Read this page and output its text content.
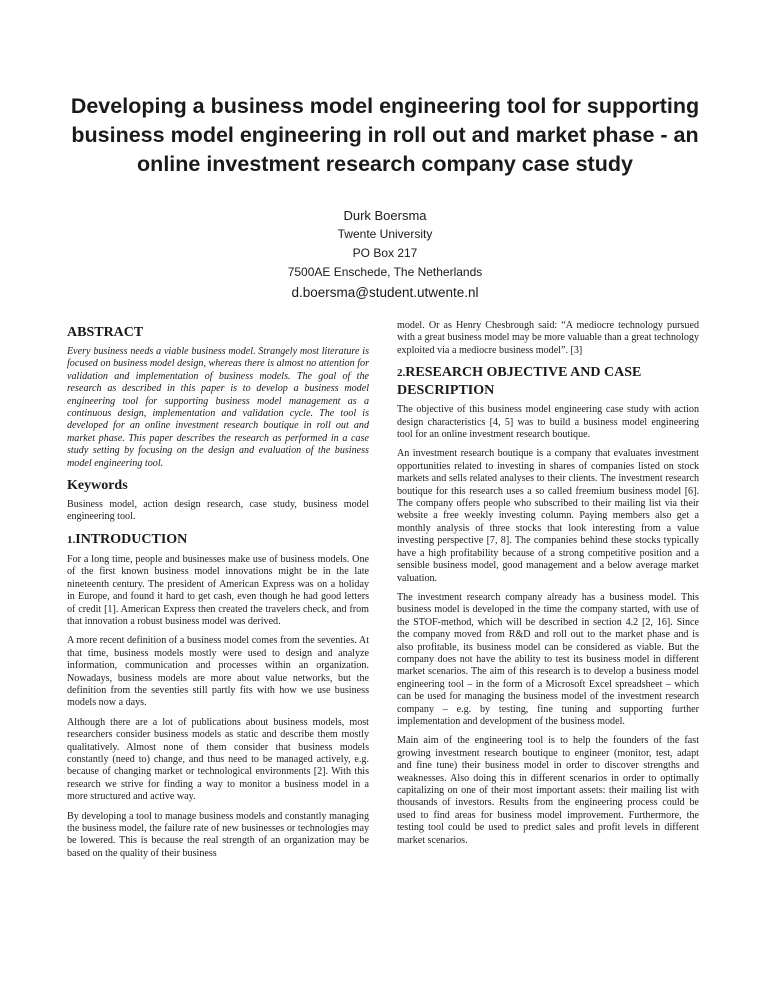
Developing a business model engineering tool for supporting business model engineering in roll out and market phase - an online investment research company case study
Durk Boersma
Twente University
PO Box 217
7500AE Enschede, The Netherlands
d.boersma@student.utwente.nl
ABSTRACT

Every business needs a viable business model. Strangely most literature is focused on business model design, whereas there is almost no attention for validation and implementation of business models. The goal of the research as described in this paper is to develop a business model engineering tool for supporting business model management as a continuous design, implementation and validation cycle. The tool is developed for an online investment research boutique in roll out and market phase. This paper describes the research as performed in a case study setting by focusing on the design and evaluation of the business model engineering tool.

Keywords

Business model, action design research, case study, business model engineering tool.

1.INTRODUCTION

For a long time, people and businesses make use of business models. One of the first known business model innovations might be in the late nineteenth century. The president of American Express was on a holiday in Europe, and found it hard to get cash, even though he had good letters of credit [1]. American Express then created the travelers check, and from that innovation a robust business model was derived.

A more recent definition of a business model comes from the seventies. At that time, business models mostly were used to design and analyze information, communication and processes within an organization. Nowadays, business models are more about value networks, but the definition from the seventies still partly fits with how we use business models now a days.

Although there are a lot of publications about business models, most researchers consider business models as static and describe them mostly qualitatively. Almost none of them consider that business models constantly (need to) change, and thus need to be managed actively, e.g. because of changing market or technological environments [2]. With this research we strive for finding a way to monitor a business model in a more structured and active way.

By developing a tool to manage business models and constantly managing the business model, the failure rate of new businesses or technologies may be lowered. This is because the real strength of an organization may be based on the quality of their business

model. Or as Henry Chesbrough said: “A mediocre technology pursued with a great business model may be more valuable than a great technology exploited via a mediocre business model”. [3]

2.RESEARCH OBJECTIVE AND CASE DESCRIPTION

The objective of this business model engineering case study with action design characteristics [4, 5] was to build a business model engineering tool for an online investment research boutique.

An investment research boutique is a company that evaluates investment opportunities related to investing in shares of companies listed on stock markets and sells related analyses to their clients. The investment research boutique for this research uses a so called freemium business model [6]. The company offers people who subscribed to their mailing list via their website a free weekly investing column. Paying members also get a monthly analysis of three stocks that look interesting from a value investing perspective [7, 8]. The companies behind these stocks typically have a high profitability because of a strong competitive position and a sensible business model, good management and a below average market valuation.

The investment research company already has a business model. This business model is developed in the time the company started, with use of the STOF-method, which will be described in section 4.2 [2, 16]. Since the company moved from R&D and roll out to the market phase and is also profitable, its business model can be considered as viable. But the company does not have the ability to test its business model in different market scenarios. The aim of this research is to develop a business model engineering tool – in the form of a Microsoft Excel spreadsheet – which can be used for managing the business model of the investment research company – e.g. by testing, fine tuning and supporting further implementation and development of the business model.

Main aim of the engineering tool is to help the founders of the fast growing investment research boutique to engineer (monitor, test, adapt and fine tune) their business model in order to discover strengths and weaknesses. Also doing this in different scenarios in order to optimally capitalizing on one of their most important assets: their mailing list with thousands of investors. Results from the engineering process could be used to find areas for business model improvement. Furthermore, the testing tool could be used to predict sales and profit levels in different market scenarios.
